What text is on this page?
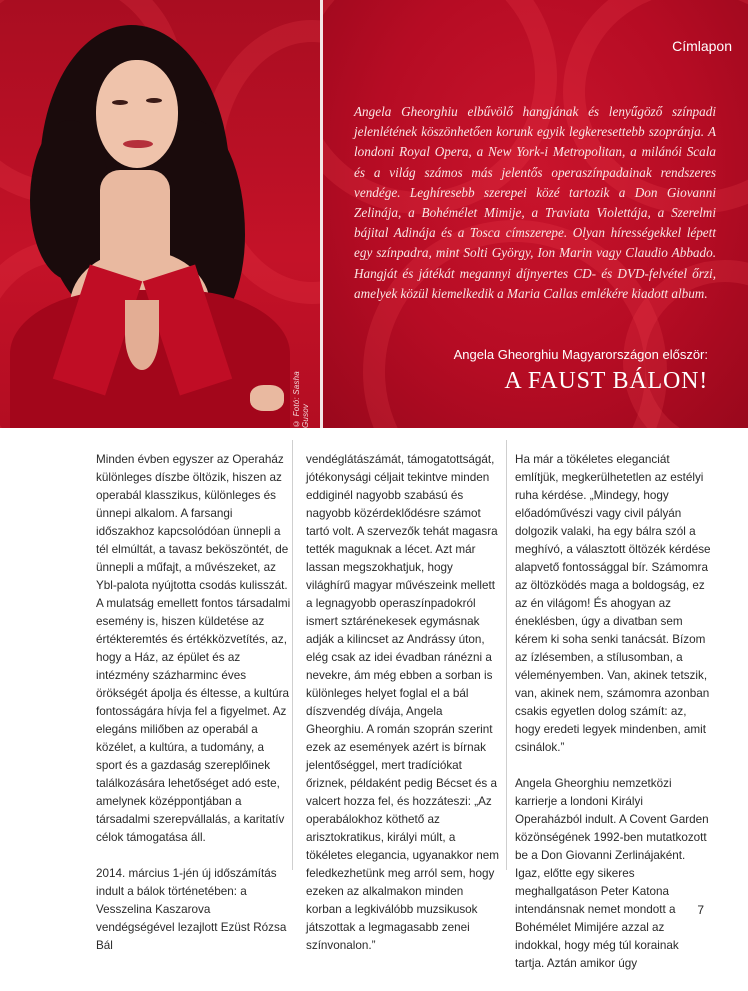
© Fotó: Sasha Gusov
Címlapon

Angela Gheorghiu elbűvölő hangjának és lenyűgöző színpadi jelenlétének köszönhetően korunk egyik legkeresettebb szopránja. A londoni Royal Opera, a New York-i Metropolitan, a milánói Scala és a világ számos más jelentős operaszínpadainak rendszeres vendége. Leghíresebb szerepei közé tartozik a Don Giovanni Zelinája, a Bohémélet Mimije, a Traviata Violettája, a Szerelmi bájital Adinája és a Tosca címszerepe. Olyan hírességekkel lépett egy színpadra, mint Solti György, Ion Marin vagy Claudio Abbado. Hangját és játékát megannyi díjnyertes CD- és DVD-felvétel őrzi, amelyek közül kiemelkedik a Maria Callas emlékére kiadott album.

Angela Gheorghiu Magyarországon először:
A FAUST BÁLON!

Minden évben egyszer az Operaház különleges díszbe öltözik, hiszen az operabál klasszikus, különleges és ünnepi alkalom. A farsangi időszakhoz kapcsolódóan ünnepli a tél elmúltát, a tavasz beköszöntét, de ünnepli a műfajt, a művészeket, az Ybl-palota nyújtotta csodás kulisszát. A mulatság emellett fontos társadalmi esemény is, hiszen küldetése az értékteremtés és értékközvetítés, az, hogy a Ház, az épület és az intézmény százharminc éves örökségét ápolja és éltesse, a kultúra fontosságára hívja fel a figyelmet. Az elegáns miliőben az operabál a közélet, a kultúra, a tudomány, a sport és a gazdaság szereplőinek találkozására lehetőséget adó este, amelynek középpontjában a társadalmi szerepvállalás, a karitatív célok támogatása áll.

2014. március 1-jén új időszámítás indult a bálok történetében: a Vesszelina Kaszarova vendégségével lezajlott Ezüst Rózsa Bál

vendéglátászámát, támogatottságát, jótékonysági céljait tekintve minden eddiginél nagyobb szabású és nagyobb közérdeklődésre számot tartó volt. A szervezők tehát magasra tették maguknak a lécet. Azt már lassan megszokhatjuk, hogy világhírű magyar művészeink mellett a legnagyobb operaszínpadokról ismert sztárénekesek egymásnak adják a kilincset az Andrássy úton, elég csak az idei évadban ránézni a nevekre, ám még ebben a sorban is különleges helyet foglal el a bál díszvendég dívája, Angela Gheorghiu. A román szoprán szerint ezek az események azért is bírnak jelentőséggel, mert tradíciókat őriznek, példaként pedig Bécset és a valcert hozza fel, és hozzáteszi: „Az operabálokhoz köthető az arisztokratikus, királyi múlt, a tökéletes elegancia, ugyanakkor nem feledkezhetünk meg arról sem, hogy ezeken az alkalmakon minden korban a legkiválóbb muzsikusok játszottak a legmagasabb zenei színvonalon.”

Ha már a tökéletes eleganciát említjük, megkerülhetetlen az estélyi ruha kérdése. „Mindegy, hogy előadóművészi vagy civil pályán dolgozik valaki, ha egy bálra szól a meghívó, a választott öltözék kérdése alapvető fontossággal bír. Számomra az öltözködés maga a boldogság, ez az én világom! És ahogyan az éneklésben, úgy a divatban sem kérem ki soha senki tanácsát. Bízom az ízlésemben, a stílusomban, a véleményemben. Van, akinek tetszik, van, akinek nem, számomra azonban csakis egyetlen dolog számít: az, hogy eredeti legyek mindenben, amit csinálok.”

Angela Gheorghiu nemzetközi karrierje a londoni Királyi Operaházból indult. A Covent Garden közönségének 1992-ben mutatkozott be a Don Giovanni Zerlinájaként. Igaz, előtte egy sikeres meghallgatáson Peter Katona intendánsnak nemet mondott a Bohémélet Mimijére azzal az indokkal, hogy még túl korainak tartja. Aztán amikor úgy

7
